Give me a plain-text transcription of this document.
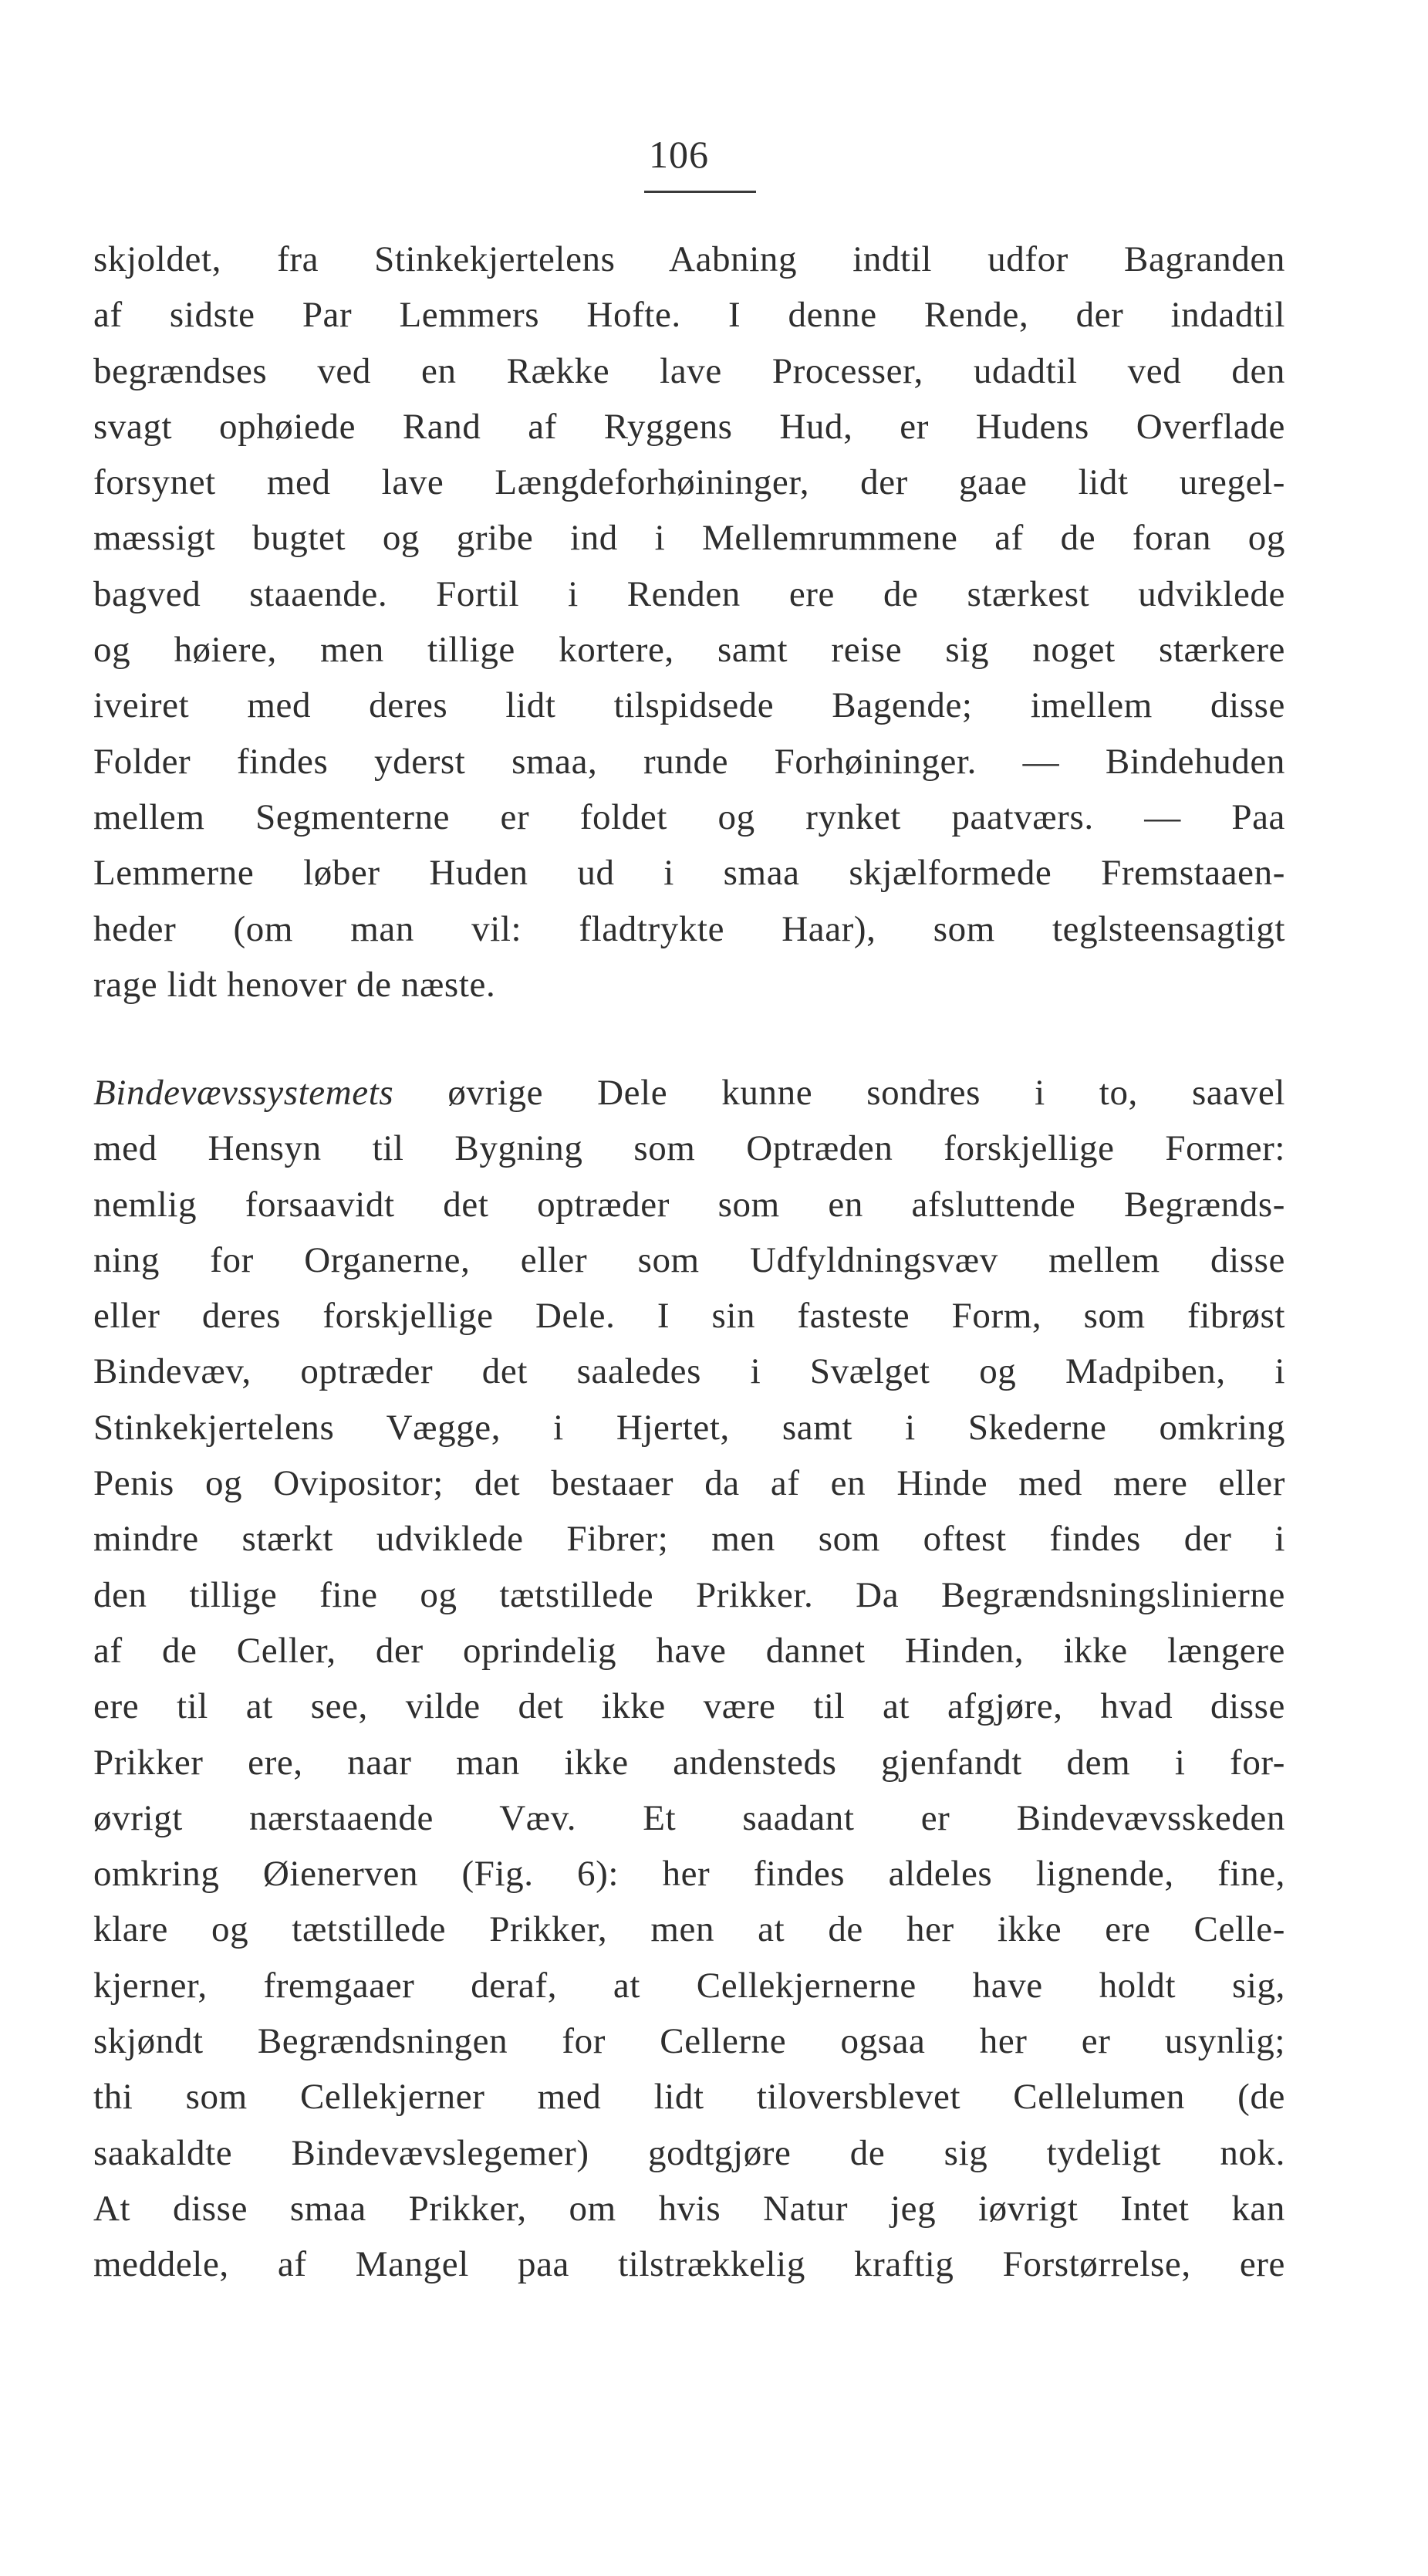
106
skjoldet, fra Stinkekjertelens Aabning indtil udfor Bagranden
af sidste Par Lemmers Hofte. I denne Rende, der indadtil
begrændses ved en Række lave Processer, udadtil ved den
svagt ophøiede Rand af Ryggens Hud, er Hudens Overflade
forsynet med lave Længdeforhøininger, der gaae lidt uregel-
mæssigt bugtet og gribe ind i Mellemrummene af de foran og
bagved staaende. Fortil i Renden ere de stærkest udviklede
og høiere, men tillige kortere, samt reise sig noget stærkere
iveiret med deres lidt tilspidsede Bagende; imellem disse
Folder findes yderst smaa, runde Forhøininger. — Bindehuden
mellem Segmenterne er foldet og rynket paatværs. — Paa
Lemmerne løber Huden ud i smaa skjælformede Fremstaaen-
heder (om man vil: fladtrykte Haar), som teglsteensagtigt
rage lidt henover de næste.
Bindevævssystemets øvrige Dele kunne sondres i to, saavel
med Hensyn til Bygning som Optræden forskjellige Former:
nemlig forsaavidt det optræder som en afsluttende Begrænds-
ning for Organerne, eller som Udfyldningsvæv mellem disse
eller deres forskjellige Dele. I sin fasteste Form, som fibrøst
Bindevæv, optræder det saaledes i Svælget og Madpiben, i
Stinkekjertelens Vægge, i Hjertet, samt i Skederne omkring
Penis og Ovipositor; det bestaaer da af en Hinde med mere eller
mindre stærkt udviklede Fibrer; men som oftest findes der i
den tillige fine og tætstillede Prikker. Da Begrændsningslinierne
af de Celler, der oprindelig have dannet Hinden, ikke længere
ere til at see, vilde det ikke være til at afgjøre, hvad disse
Prikker ere, naar man ikke andensteds gjenfandt dem i for-
øvrigt nærstaaende Væv. Et saadant er Bindevævsskeden
omkring Øienerven (Fig. 6): her findes aldeles lignende, fine,
klare og tætstillede Prikker, men at de her ikke ere Celle-
kjerner, fremgaaer deraf, at Cellekjernerne have holdt sig,
skjøndt Begrændsningen for Cellerne ogsaa her er usynlig;
thi som Cellekjerner med lidt tiloversblevet Cellelumen (de
saakaldte Bindevævslegemer) godtgjøre de sig tydeligt nok.
At disse smaa Prikker, om hvis Natur jeg iøvrigt Intet kan
meddele, af Mangel paa tilstrækkelig kraftig Forstørrelse, ere
